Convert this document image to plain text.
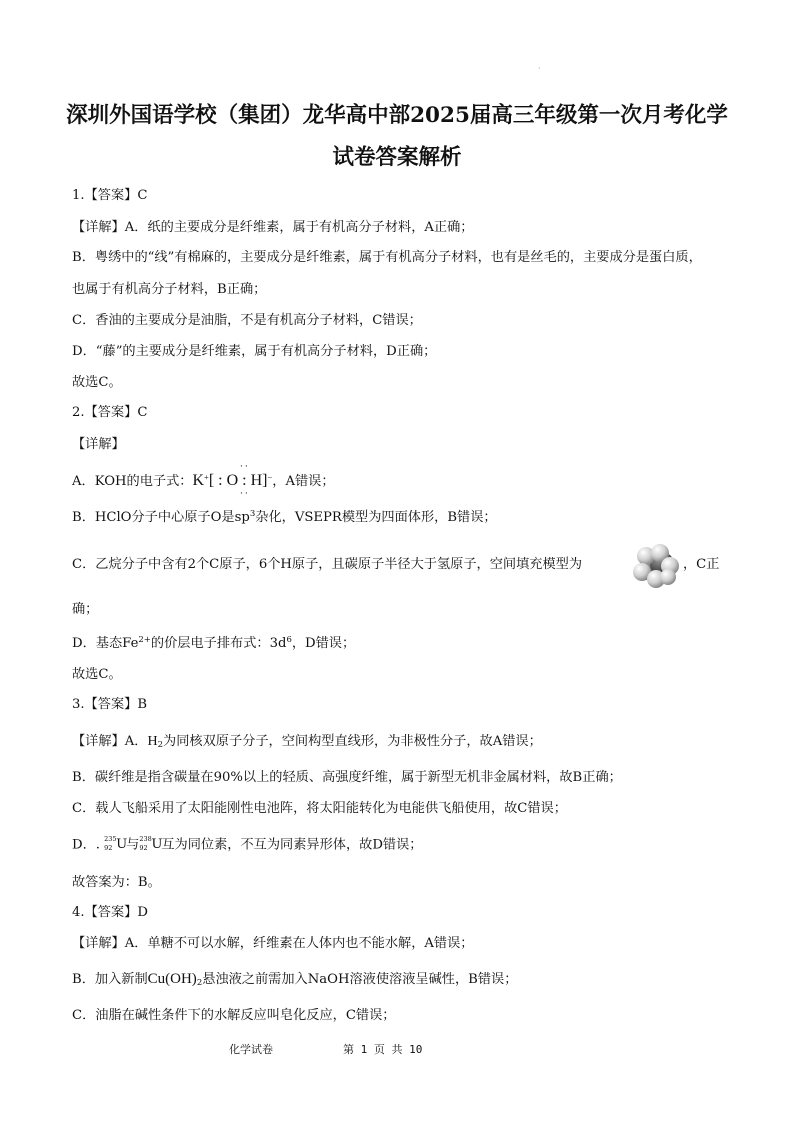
·
深圳外国语学校（集团）龙华高中部2025届高三年级第一次月考化学
试卷答案解析
1.【答案】C
【详解】A．纸的主要成分是纤维素，属于有机高分子材料，A正确；
B．粤绣中的“线”有棉麻的，主要成分是纤维素，属于有机高分子材料，也有是丝毛的，主要成分是蛋白质，
也属于有机高分子材料，B正确；
C．香油的主要成分是油脂，不是有机高分子材料，C错误；
D．“藤”的主要成分是纤维素，属于有机高分子材料，D正确；
故选C。
2.【答案】C
【详解】
A．KOH的电子式：K+[ : O : H]−，A错误；
··
··
B．HClO分子中心原子O是$sp^3$杂化，VSEPR模型为四面体形，B错误；
C．乙烷分子中含有2个C原子，6个H原子，且碳原子半径大于氢原子，空间填充模型为	，C正
确；
D．基态$Fe^{2+}$的价层电子排布式：$3d^6$，D错误；
故选C。
3.【答案】B
【详解】A．$H_2$为同核双原子分子，空间构型直线形，为非极性分子，故A错误；
B．碳纤维是指含碳量在90%以上的轻质、高强度纤维，属于新型无机非金属材料，故B正确；
C．载人飞船采用了太阳能刚性电池阵，将太阳能转化为电能供飞船使用，故C错误；
D．. 235
92 U
与 238
92 U
互为同位素，不互为同素异形体，故D错误；
故答案为：B。
4.【答案】D
【详解】A．单糖不可以水解，纤维素在人体内也不能水解，A错误；
B．加入新制$Cu(OH)_2$悬浊液之前需加入NaOH溶液使溶液呈碱性，B错误；
C．油脂在碱性条件下的水解反应叫皂化反应，C错误；
化学试卷	第 1 页 共 10
